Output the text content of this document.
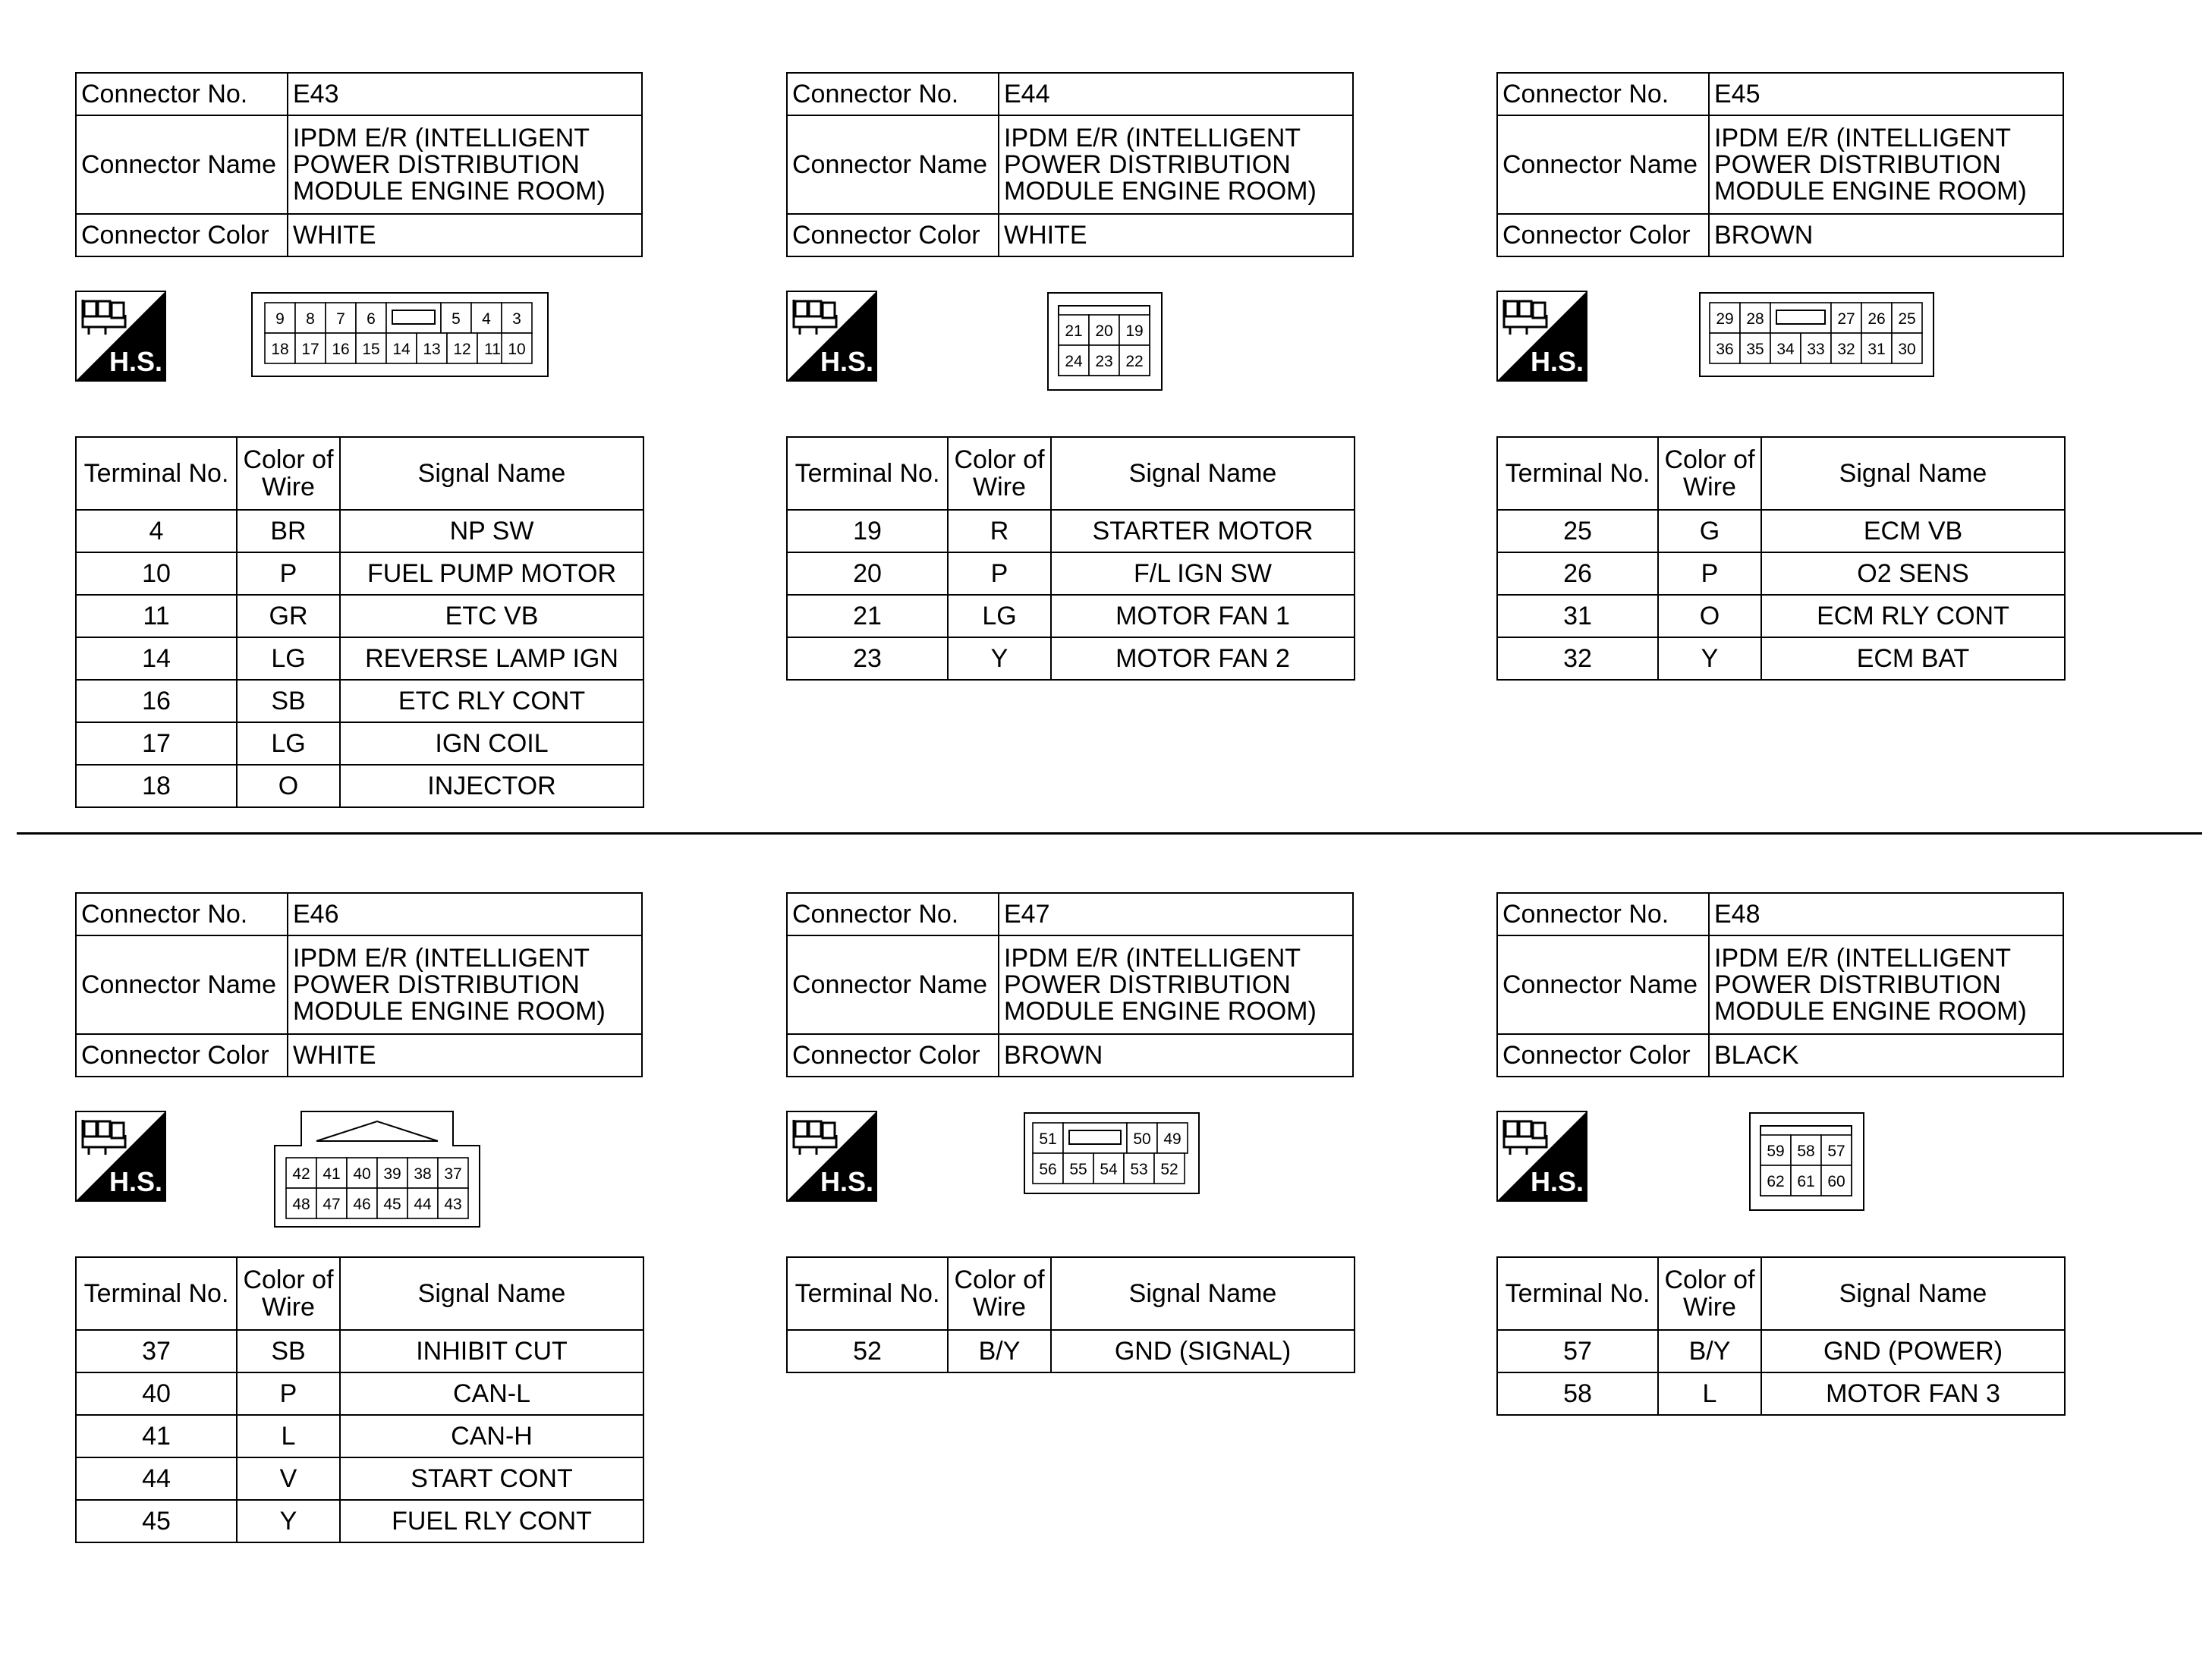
Connector No.	E43
Connector Name	IPDM E/R (INTELLIGENT POWER DISTRIBUTION MODULE ENGINE ROOM)
Connector Color	WHITE
H.S.
9 8 7 6	5 4 3
18 17 16 15 14 13 12 11 10
Terminal No.	Color of Wire	Signal Name
4	BR	NP SW
10	P	FUEL PUMP MOTOR
11	GR	ETC VB
14	LG	REVERSE LAMP IGN
16	SB	ETC RLY CONT
17	LG	IGN COIL
18	O	INJECTOR
Connector No.	E44
Connector Name	IPDM E/R (INTELLIGENT POWER DISTRIBUTION MODULE ENGINE ROOM)
Connector Color	WHITE
H.S.
21 20 19
24 23 22
Terminal No.	Color of Wire	Signal Name
19	R	STARTER MOTOR
20	P	F/L IGN SW
21	LG	MOTOR FAN 1
23	Y	MOTOR FAN 2
Connector No.	E45
Connector Name	IPDM E/R (INTELLIGENT POWER DISTRIBUTION MODULE ENGINE ROOM)
Connector Color	BROWN
H.S.
29 28	27 26 25
36 35 34 33 32 31 30
Terminal No.	Color of Wire	Signal Name
25	G	ECM VB
26	P	O2 SENS
31	O	ECM RLY CONT
32	Y	ECM BAT
Connector No.	E46
Connector Name	IPDM E/R (INTELLIGENT POWER DISTRIBUTION MODULE ENGINE ROOM)
Connector Color	WHITE
H.S.	42 41 40 39 38 37
48 47 46 45 44 43
Terminal No.	Color of Wire	Signal Name
37	SB	INHIBIT CUT
40	P	CAN-L
41	L	CAN-H
44	V	START CONT
45	Y	FUEL RLY CONT
Connector No.	E47
Connector Name	IPDM E/R (INTELLIGENT POWER DISTRIBUTION MODULE ENGINE ROOM)
Connector Color	BROWN
H.S.
51	50 49
56 55 54 53 52
Terminal No.	Color of Wire	Signal Name
52	B/Y	GND (SIGNAL)
Connector No.	E48
Connector Name	IPDM E/R (INTELLIGENT POWER DISTRIBUTION MODULE ENGINE ROOM)
Connector Color	BLACK
H.S.
59 58 57
62 61 60
Terminal No.	Color of Wire	Signal Name
57	B/Y	GND (POWER)
58	L	MOTOR FAN 3
